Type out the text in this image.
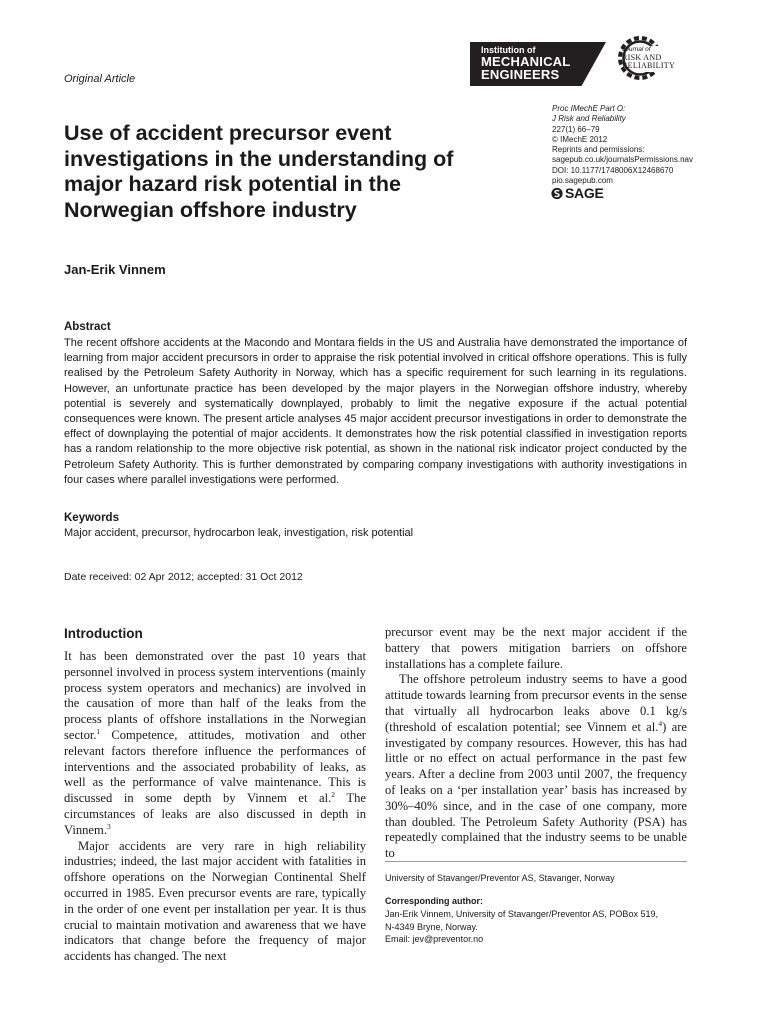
Original Article
Institution of
MECHANICAL
ENGINEERS
Journal of
RISK AND
RELIABILITY
Proc IMechE Part O:
J Risk and Reliability
227(1) 66–79
© IMechE 2012
Reprints and permissions:
sagepub.co.uk/journalsPermissions.nav
DOI: 10.1177/1748006X12468670
pio.sagepub.com
SAGE
Use of accident precursor event investigations in the understanding of major hazard risk potential in the Norwegian offshore industry
Jan-Erik Vinnem
Abstract
The recent offshore accidents at the Macondo and Montara fields in the US and Australia have demonstrated the importance of learning from major accident precursors in order to appraise the risk potential involved in critical offshore operations. This is fully realised by the Petroleum Safety Authority in Norway, which has a specific requirement for such learning in its regulations. However, an unfortunate practice has been developed by the major players in the Norwegian offshore industry, whereby potential is severely and systematically downplayed, probably to limit the negative exposure if the actual potential consequences were known. The present article analyses 45 major accident precursor investigations in order to demonstrate the effect of downplaying the potential of major accidents. It demonstrates how the risk potential classified in investigation reports has a random relationship to the more objective risk potential, as shown in the national risk indicator project conducted by the Petroleum Safety Authority. This is further demonstrated by comparing company investigations with authority investigations in four cases where parallel investigations were performed.
Keywords
Major accident, precursor, hydrocarbon leak, investigation, risk potential
Date received: 02 Apr 2012; accepted: 31 Oct 2012
Introduction

It has been demonstrated over the past 10 years that personnel involved in process system interventions (mainly process system operators and mechanics) are involved in the causation of more than half of the leaks from the process plants of offshore installations in the Norwegian sector.$^1$ Competence, attitudes, motivation and other relevant factors therefore influence the performances of interventions and the associated probability of leaks, as well as the performance of valve maintenance. This is discussed in some depth by Vinnem et al.$^2$ The circumstances of leaks are also discussed in depth in Vinnem.$^3$

Major accidents are very rare in high reliability industries; indeed, the last major accident with fatalities in offshore operations on the Norwegian Continental Shelf occurred in 1985. Even precursor events are rare, typically in the order of one event per installation per year. It is thus crucial to maintain motivation and awareness that we have indicators that change before the frequency of major accidents has changed. The next

precursor event may be the next major accident if the battery that powers mitigation barriers on offshore installations has a complete failure.

The offshore petroleum industry seems to have a good attitude towards learning from precursor events in the sense that virtually all hydrocarbon leaks above 0.1 kg/s (threshold of escalation potential; see Vinnem et al.$^4$) are investigated by company resources. However, this has had little or no effect on actual performance in the past few years. After a decline from 2003 until 2007, the frequency of leaks on a ‘per installation year’ basis has increased by 30%–40% since, and in the case of one company, more than doubled. The Petroleum Safety Authority (PSA) has repeatedly complained that the industry seems to be unable to

University of Stavanger/Preventor AS, Stavanger, Norway
Corresponding author:
Jan-Erik Vinnem, University of Stavanger/Preventor AS, POBox 519,
N-4349 Bryne, Norway.
Email: jev@preventor.no
